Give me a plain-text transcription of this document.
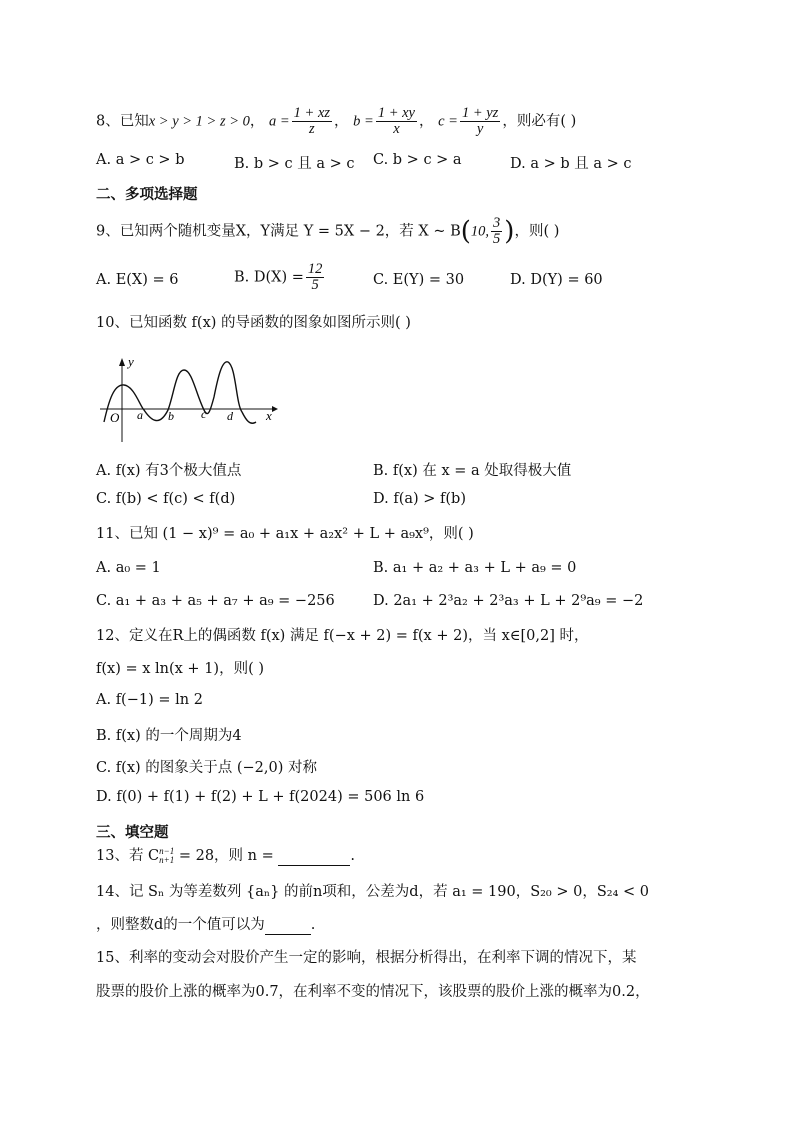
8、已知x > y > 1 > z > 0， $a = \frac{1 + xz}{z}$ ， $b = \frac{1 + xy}{x}$ ， $c = \frac{1 + yz}{y}$ ，则必有( )
A. a > c > b	B. b > c 且 a > c C. b > c > a	D. a > b 且 a > c
二、多项选择题
9、已知两个随机变量X，Y满足 Y = 5X − 2，若 X ~ B(10, $\frac{3}{5}$ )，则( )
A. E(X) = 6	B. $D(X) = \frac{12}{5}$	C. E(Y) = 30	D. D(Y) = 60
10、已知函数 f(x) 的导函数的图象如图所示则( )
y
x
O a b c d
A. f(x) 有3个极大值点	B. f(x) 在 x = a 处取得极大值
C. f(b) < f(c) < f(d)	D. f(a) > f(b)
11、已知 (1 − x)⁹ = a₀ + a₁x + a₂x² + L + a₉x⁹，则( )
A. a₀ = 1	B. a₁ + a₂ + a₃ + L + a₉ = 0
C. a₁ + a₃ + a₅ + a₇ + a₉ = −256	D. 2a₁ + 2³a₂ + 2³a₃ + L + 2⁹a₉ = −2
12、定义在R上的偶函数 f(x) 满足 f(−x + 2) = f(x + 2)，当 x∈[0,2] 时，
f(x) = x ln(x + 1)，则( )
A. f(−1) = ln 2
B. f(x) 的一个周期为4
C. f(x) 的图象关于点 (−2,0) 对称
D. f(0) + f(1) + f(2) + L + f(2024) = 506 ln 6
三、填空题
13、若 C n−1
n+1 = 28，则 n =	.
14、记 Sₙ 为等差数列 {aₙ} 的前n项和，公差为d，若 a₁ = 190，S₂₀ > 0，S₂₄ < 0
，则整数d的一个值可以为	.
15、利率的变动会对股价产生一定的影响，根据分析得出，在利率下调的情况下，某
股票的股价上涨的概率为0.7，在利率不变的情况下，该股票的股价上涨的概率为0.2，
